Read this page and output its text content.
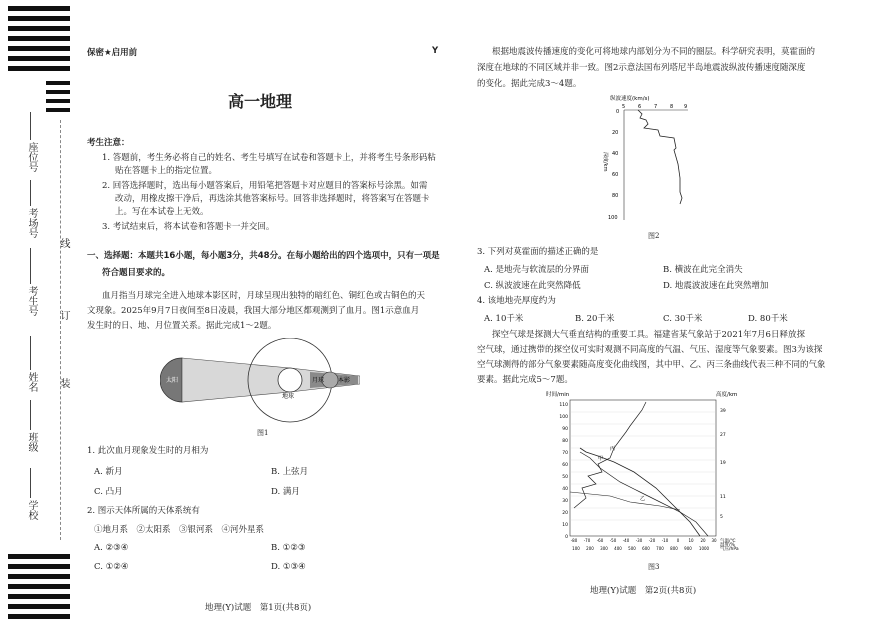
座位号
考场号
考生号
姓名
班级
学校
线
订
装
保密★启用前	Y
高一地理
考生注意：
1. 答题前，考生务必将自己的姓名、考生号填写在试卷和答题卡上，并将考生号条形码粘
贴在答题卡上的指定位置。
2. 回答选择题时，选出每小题答案后，用铅笔把答题卡对应题目的答案标号涂黑。如需
改动，用橡皮擦干净后，再选涂其他答案标号。回答非选择题时，将答案写在答题卡
上。写在本试卷上无效。
3. 考试结束后，将本试卷和答题卡一并交回。
一、选择题：本题共16小题，每小题3分，共48分。在每小题给出的四个选项中，只有一项是
符合题目要求的。
血月指当月球完全进入地球本影区时，月球呈现出独特的暗红色、铜红色或古铜色的天
文现象。2025年9月7日夜间至8日凌晨，我国大部分地区都观测到了血月。图1示意血月
发生时的日、地、月位置关系。据此完成1～2题。
太阳
地球
月球 本影
图1
1. 此次血月现象发生时的月相为
A. 新月	B. 上弦月
C. 凸月	D. 满月
2. 图示天体所属的天体系统有
①地月系　②太阳系　③银河系　④河外星系
A. ②③④	B. ①②③
C. ①②④	D. ①③④
地理(Y)试题　第1页(共8页)
根据地震波传播速度的变化可将地球内部划分为不同的圈层。科学研究表明，莫霍面的
深度在地球的不同区域并非一致。图2示意法国布列塔尼半岛地震波纵波传播速度随深度
的变化。据此完成3～4题。
纵波速度(km/s)
5	6	7	8 9
0
20
40
60
80
100
深度/km
图2
3. 下列对莫霍面的描述正确的是
A. 是地壳与软流层的分界面	B. 横波在此完全消失
C. 纵波波速在此突然降低	D. 地震波波速在此突然增加
4. 该地地壳厚度约为
A. 10千米	B. 20千米	C. 30千米	D. 80千米
探空气球是探测大气垂直结构的重要工具。福建省某气象站于2021年7月6日释放探
空气球，通过携带的探空仪可实时观测不同高度的气温、气压、湿度等气象要素。图3为该探
空气球测得的部分气象要素随高度变化曲线图，其中甲、乙、丙三条曲线代表三种不同的气象
要素。据此完成5～7题。
时间/min	高度/km
0
10
20
30
40
50
60
70
80
90
100
110
39
27
19
11
5
甲
乙
丙
-80 -70 -60 -50 -40 -30 -20 -10 0 10 20 30 气温/℃
100 200 300 400 500 600 700 800 900 1000 气压/hPa
湿度/%
图3
地理(Y)试题　第2页(共8页)
